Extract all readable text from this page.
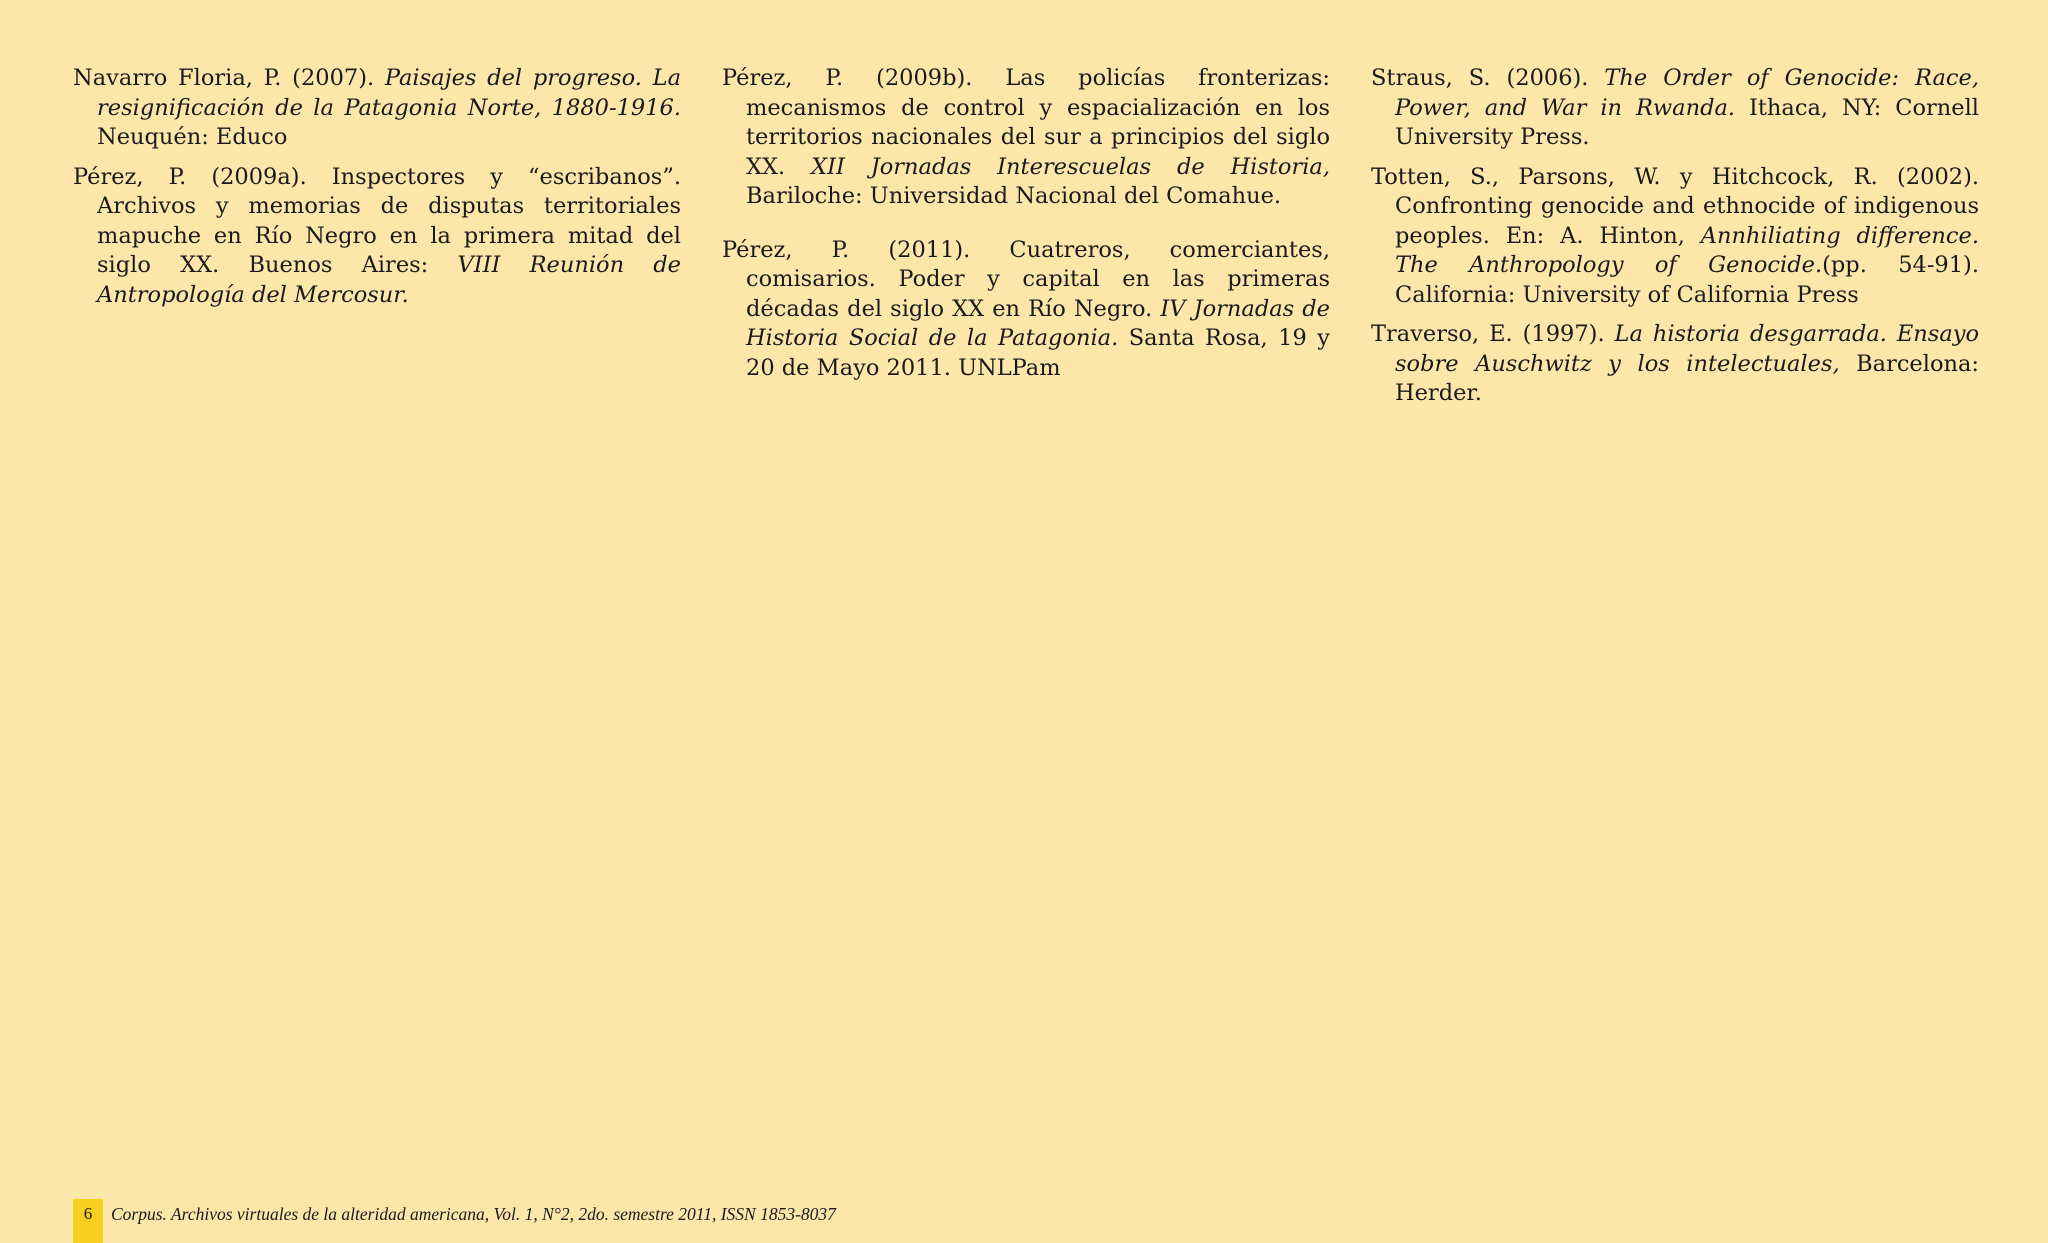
Navarro Floria, P. (2007). Paisajes del progreso. La resignificación de la Patagonia Norte, 1880-1916. Neuquén: Educo

Pérez, P. (2009a). Inspectores y “escribanos”. Archivos y memorias de disputas territoriales mapuche en Río Negro en la primera mitad del siglo XX. Buenos Aires: VIII Reunión de Antropología del Mercosur.

Pérez, P. (2009b). Las policías fronterizas: mecanismos de control y espacialización en los territorios nacionales del sur a principios del siglo XX. XII Jornadas Interescuelas de Historia, Bariloche: Universidad Nacional del Comahue.

Pérez, P. (2011). Cuatreros, comerciantes, comisarios. Poder y capital en las primeras décadas del siglo XX en Río Negro. IV Jornadas de Historia Social de la Patagonia. Santa Rosa, 19 y 20 de Mayo 2011. UNLPam

Straus, S. (2006). The Order of Genocide: Race, Power, and War in Rwanda. Ithaca, NY: Cornell University Press.

Totten, S., Parsons, W. y Hitchcock, R. (2002). Confronting genocide and ethnocide of indigenous peoples. En: A. Hinton, Annhiliating difference. The Anthropology of Genocide.(pp. 54-91). California: University of California Press

Traverso, E. (1997). La historia desgarrada. Ensayo sobre Auschwitz y los intelectuales, Barcelona: Herder.

6	Corpus. Archivos virtuales de la alteridad americana, Vol. 1, N°2, 2do. semestre 2011, ISSN 1853-8037
